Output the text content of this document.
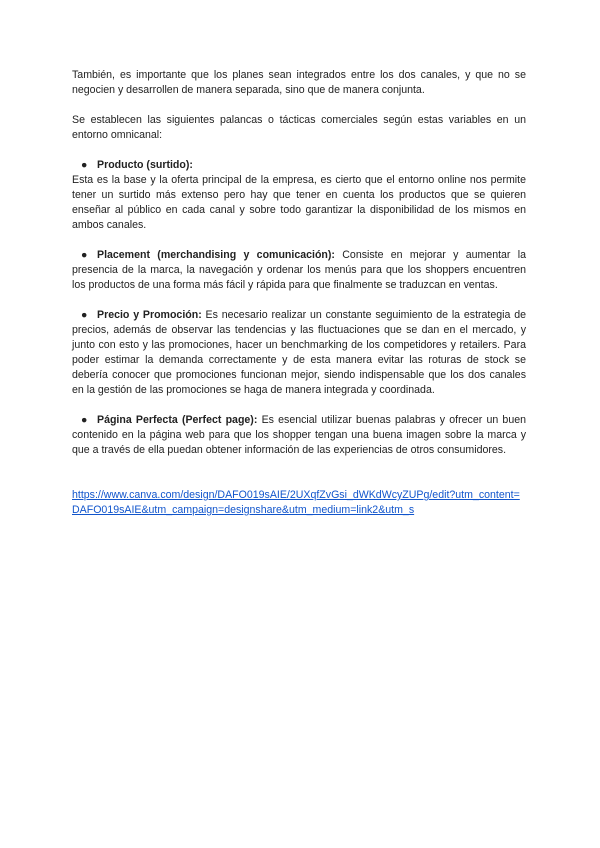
También, es importante que los planes sean integrados entre los dos canales, y que no se negocien y desarrollen de manera separada, sino que de manera conjunta.

Se establecen las siguientes palancas o tácticas comerciales según estas variables en un entorno omnicanal:

● Producto (surtido):

Esta es la base y la oferta principal de la empresa, es cierto que el entorno online nos permite tener un surtido más extenso pero hay que tener en cuenta los productos que se quieren enseñar al público en cada canal y sobre todo garantizar la disponibilidad de los mismos en ambos canales.

● Placement (merchandising y comunicación): Consiste en mejorar y aumentar la presencia de la marca, la navegación y ordenar los menús para que los shoppers encuentren los productos de una forma más fácil y rápida para que finalmente se traduzcan en ventas.

● Precio y Promoción: Es necesario realizar un constante seguimiento de la estrategia de precios, además de observar las tendencias y las fluctuaciones que se dan en el mercado, y junto con esto y las promociones, hacer un benchmarking de los competidores y retailers. Para poder estimar la demanda correctamente y de esta manera evitar las roturas de stock se debería conocer que promociones funcionan mejor, siendo indispensable que los dos canales en la gestión de las promociones se haga de manera integrada y coordinada.

● Página Perfecta (Perfect page): Es esencial utilizar buenas palabras y ofrecer un buen contenido en la página web para que los shopper tengan una buena imagen sobre la marca y que a través de ella puedan obtener información de las experiencias de otros consumidores.

https://www.canva.com/design/DAFO019sAIE/2UXqfZvGsi_dWKdWcyZUPg/edit?utm_content=DAFO019sAIE&utm_campaign=designshare&utm_medium=link2&utm_s
